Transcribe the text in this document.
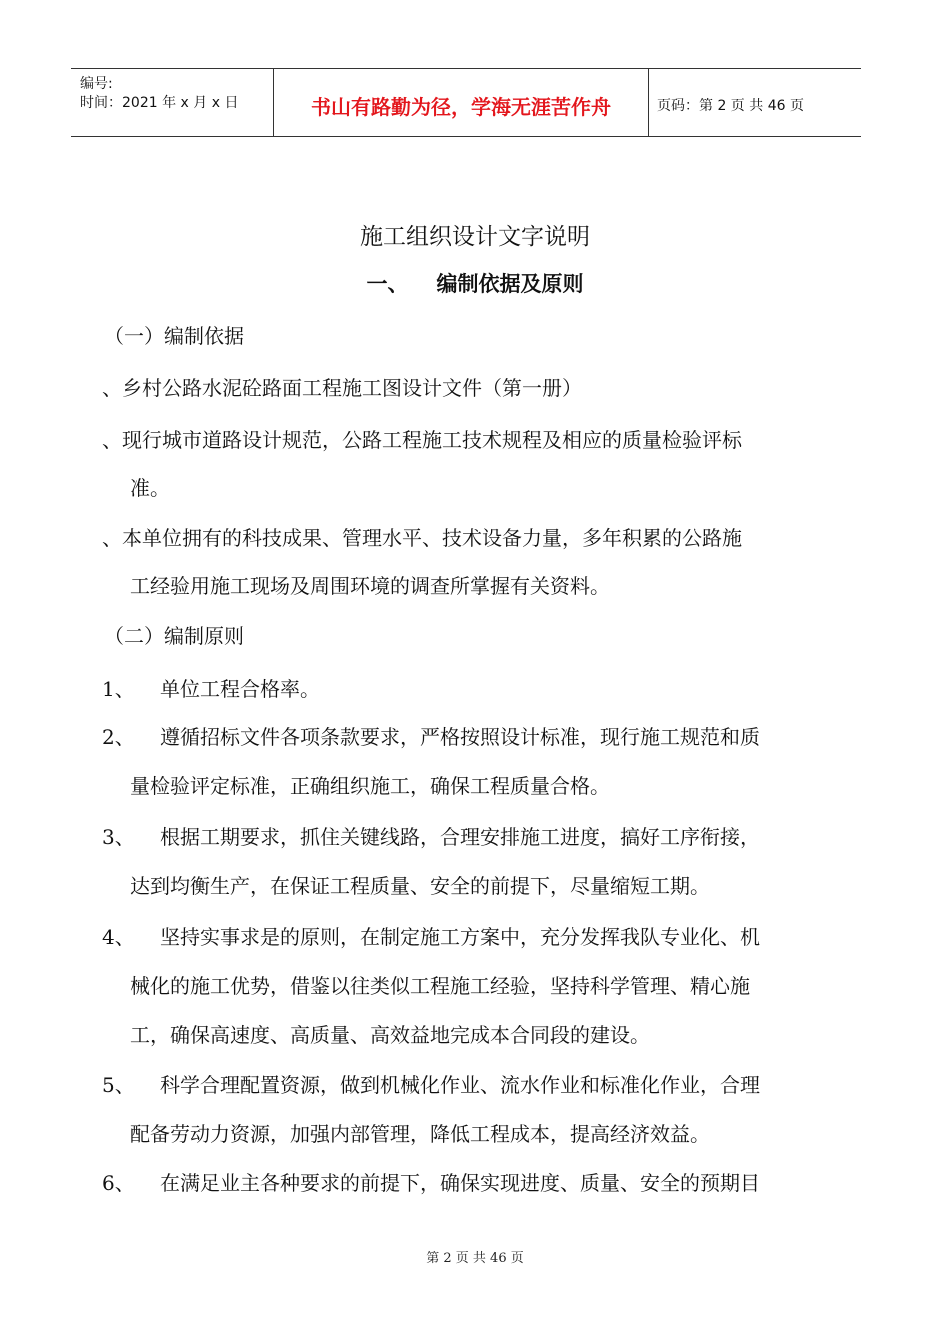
编号:
时间：2021 年 x 月 x 日	书山有路勤为径，学海无涯苦作舟	页码：第 2 页 共 46 页
施工组织设计文字说明
一、 编制依据及原则
（一）编制依据
、乡村公路水泥砼路面工程施工图设计文件（第一册）
、现行城市道路设计规范，公路工程施工技术规程及相应的质量检验评标
准。
、本单位拥有的科技成果、管理水平、技术设备力量，多年积累的公路施
工经验用施工现场及周围环境的调查所掌握有关资料。
（二）编制原则
1、 单位工程合格率。
2、 遵循招标文件各项条款要求，严格按照设计标准，现行施工规范和质
量检验评定标准，正确组织施工，确保工程质量合格。
3、 根据工期要求，抓住关键线路，合理安排施工进度，搞好工序衔接，
达到均衡生产，在保证工程质量、安全的前提下，尽量缩短工期。
4、 坚持实事求是的原则，在制定施工方案中，充分发挥我队专业化、机
械化的施工优势，借鉴以往类似工程施工经验，坚持科学管理、精心施
工，确保高速度、高质量、高效益地完成本合同段的建设。
5、 科学合理配置资源，做到机械化作业、流水作业和标准化作业，合理
配备劳动力资源，加强内部管理，降低工程成本，提高经济效益。
6、 在满足业主各种要求的前提下，确保实现进度、质量、安全的预期目
第 2 页 共 46 页
